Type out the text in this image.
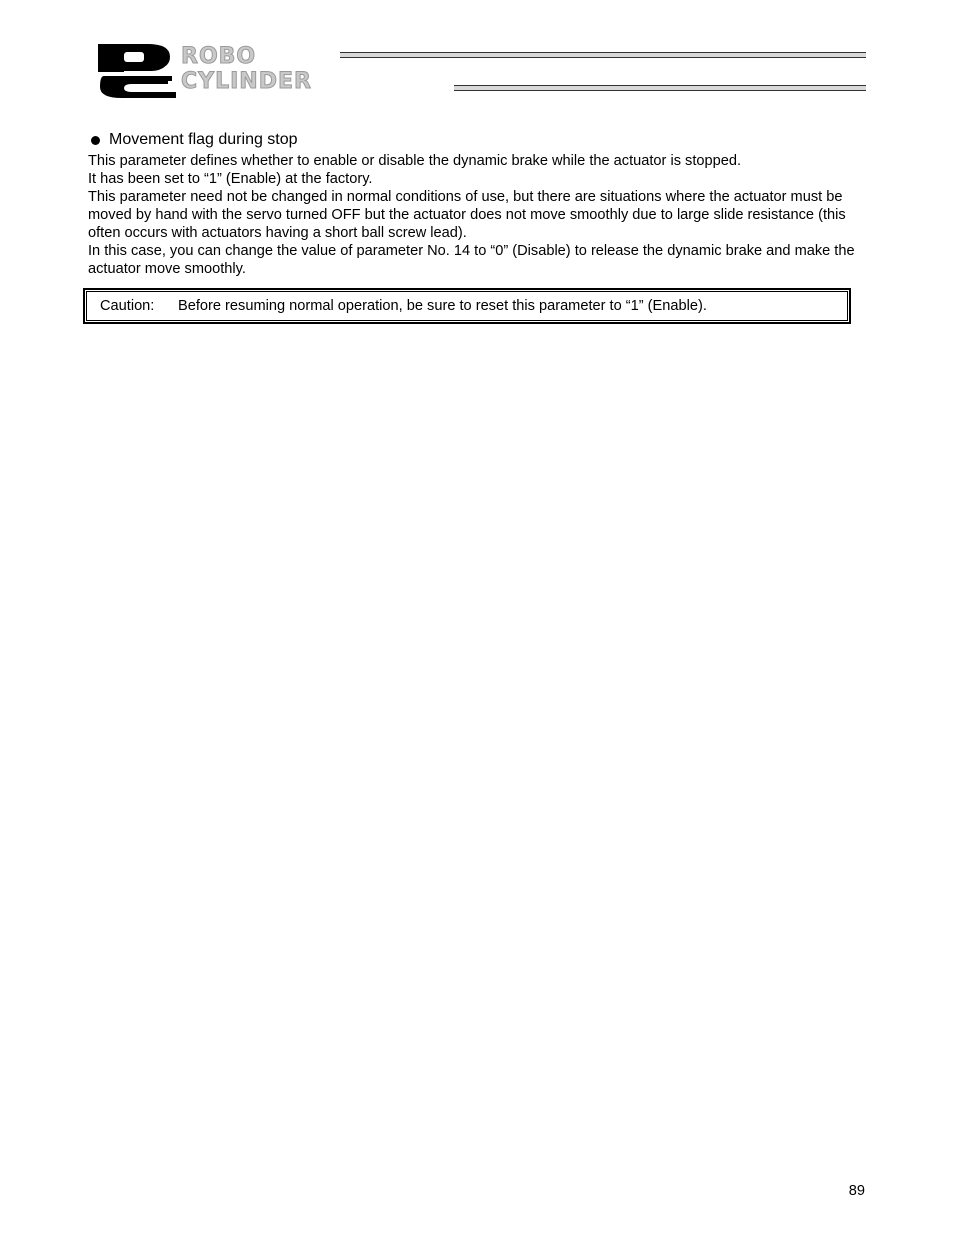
ROBO
CYLINDER
Movement flag during stop

This parameter defines whether to enable or disable the dynamic brake while the actuator is stopped.

It has been set to “1” (Enable) at the factory.

This parameter need not be changed in normal conditions of use, but there are situations where the actuator must be moved by hand with the servo turned OFF but the actuator does not move smoothly due to large slide resistance (this often occurs with actuators having a short ball screw lead).

In this case, you can change the value of parameter No. 14 to “0” (Disable) to release the dynamic brake and make the actuator move smoothly.

Caution:	Before resuming normal operation, be sure to reset this parameter to “1” (Enable).
89
